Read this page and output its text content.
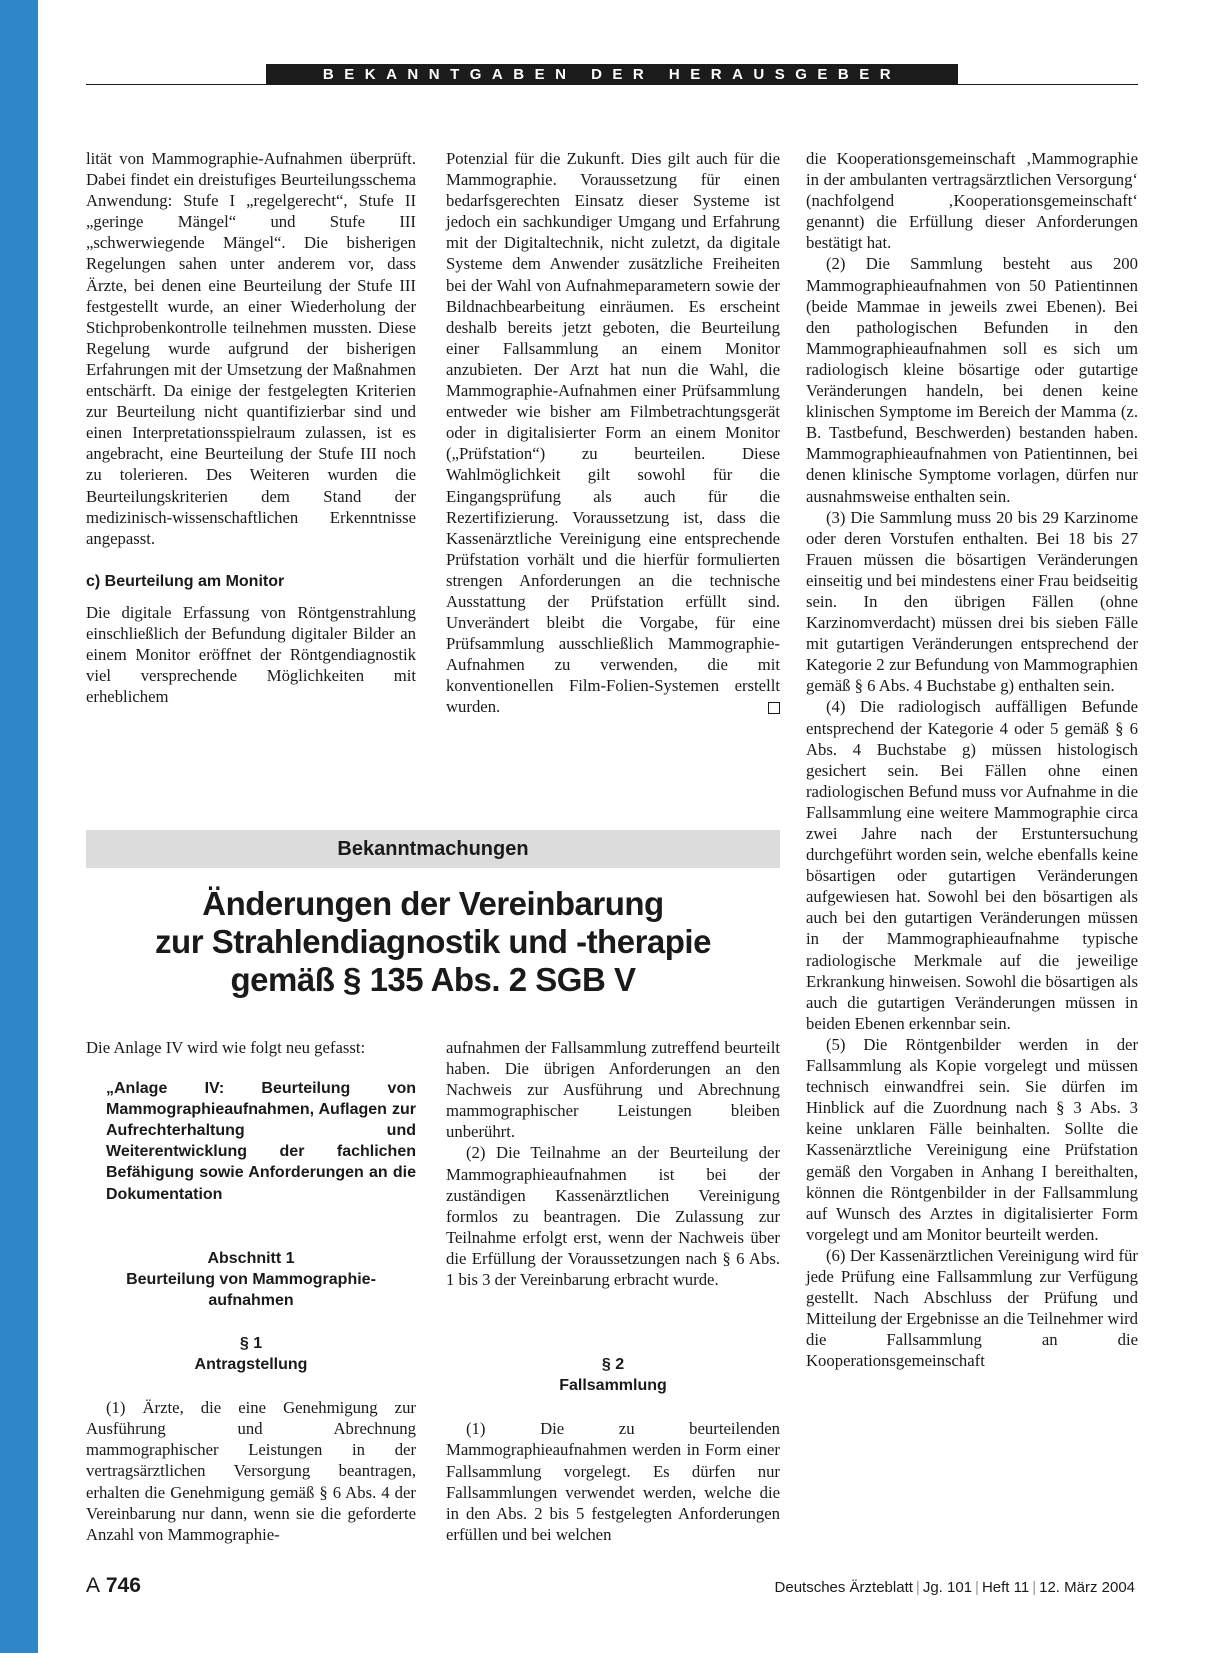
BEKANNTGABEN DER HERAUSGEBER

lität von Mammographie-Aufnahmen überprüft. Dabei findet ein dreistufiges Beurteilungsschema Anwendung: Stufe I „regelgerecht“, Stufe II „geringe Mängel“ und Stufe III „schwerwiegende Mängel“. Die bisherigen Regelungen sahen unter anderem vor, dass Ärzte, bei denen eine Beurteilung der Stufe III festgestellt wurde, an einer Wiederholung der Stichprobenkontrolle teilnehmen mussten. Diese Regelung wurde aufgrund der bisherigen Erfahrungen mit der Umsetzung der Maßnahmen entschärft. Da einige der festgelegten Kriterien zur Beurteilung nicht quantifizierbar sind und einen Interpretationsspielraum zulassen, ist es angebracht, eine Beurteilung der Stufe III noch zu tolerieren. Des Weiteren wurden die Beurteilungskriterien dem Stand der medizinisch-wissenschaftlichen Erkenntnisse angepasst.

c) Beurteilung am Monitor

Die digitale Erfassung von Röntgenstrahlung einschließlich der Befundung digitaler Bilder an einem Monitor eröffnet der Röntgendiagnostik viel versprechende Möglichkeiten mit erheblichem

Potenzial für die Zukunft. Dies gilt auch für die Mammographie. Voraussetzung für einen bedarfsgerechten Einsatz dieser Systeme ist jedoch ein sachkundiger Umgang und Erfahrung mit der Digitaltechnik, nicht zuletzt, da digitale Systeme dem Anwender zusätzliche Freiheiten bei der Wahl von Aufnahmeparametern sowie der Bildnachbearbeitung einräumen. Es erscheint deshalb bereits jetzt geboten, die Beurteilung einer Fallsammlung an einem Monitor anzubieten. Der Arzt hat nun die Wahl, die Mammographie-Aufnahmen einer Prüfsammlung entweder wie bisher am Filmbetrachtungsgerät oder in digitalisierter Form an einem Monitor („Prüfstation“) zu beurteilen. Diese Wahlmöglichkeit gilt sowohl für die Eingangsprüfung als auch für die Rezertifizierung. Voraussetzung ist, dass die Kassenärztliche Vereinigung eine entsprechende Prüfstation vorhält und die hierfür formulierten strengen Anforderungen an die technische Ausstattung der Prüfstation erfüllt sind. Unverändert bleibt die Vorgabe, für eine Prüfsammlung ausschließlich Mammographie-Aufnahmen zu verwenden, die mit konventionellen Film-Folien-Systemen erstellt wurden.

Bekanntmachungen
Änderungen der Vereinbarung
zur Strahlendiagnostik und -therapie
gemäß § 135 Abs. 2 SGB V

Die Anlage IV wird wie folgt neu gefasst:

„Anlage IV: Beurteilung von Mammographieaufnahmen, Auflagen zur Aufrechterhaltung und Weiterentwicklung der fachlichen Befähigung sowie Anforderungen an die Dokumentation

Abschnitt 1

Beurteilung von Mammographie-

aufnahmen

§ 1

Antragstellung

(1) Ärzte, die eine Genehmigung zur Ausführung und Abrechnung mammographischer Leistungen in der vertragsärztlichen Versorgung beantragen, erhalten die Genehmigung gemäß § 6 Abs. 4 der Vereinbarung nur dann, wenn sie die geforderte Anzahl von Mammographie-

aufnahmen der Fallsammlung zutreffend beurteilt haben. Die übrigen Anforderungen an den Nachweis zur Ausführung und Abrechnung mammographischer Leistungen bleiben unberührt.

(2) Die Teilnahme an der Beurteilung der Mammographieaufnahmen ist bei der zuständigen Kassenärztlichen Vereinigung formlos zu beantragen. Die Zulassung zur Teilnahme erfolgt erst, wenn der Nachweis über die Erfüllung der Voraussetzungen nach § 6 Abs. 1 bis 3 der Vereinbarung erbracht wurde.

§ 2

Fallsammlung

(1) Die zu beurteilenden Mammographieaufnahmen werden in Form einer Fallsammlung vorgelegt. Es dürfen nur Fallsammlungen verwendet werden, welche die in den Abs. 2 bis 5 festgelegten Anforderungen erfüllen und bei welchen

die Kooperationsgemeinschaft ‚Mammographie in der ambulanten vertragsärztlichen Versorgung‘ (nachfolgend ‚Kooperationsgemeinschaft‘ genannt) die Erfüllung dieser Anforderungen bestätigt hat.

(2) Die Sammlung besteht aus 200 Mammographieaufnahmen von 50 Patientinnen (beide Mammae in jeweils zwei Ebenen). Bei den pathologischen Befunden in den Mammographieaufnahmen soll es sich um radiologisch kleine bösartige oder gutartige Veränderungen handeln, bei denen keine klinischen Symptome im Bereich der Mamma (z. B. Tastbefund, Beschwerden) bestanden haben. Mammographieaufnahmen von Patientinnen, bei denen klinische Symptome vorlagen, dürfen nur ausnahmsweise enthalten sein.

(3) Die Sammlung muss 20 bis 29 Karzinome oder deren Vorstufen enthalten. Bei 18 bis 27 Frauen müssen die bösartigen Veränderungen einseitig und bei mindestens einer Frau beidseitig sein. In den übrigen Fällen (ohne Karzinomverdacht) müssen drei bis sieben Fälle mit gutartigen Veränderungen entsprechend der Kategorie 2 zur Befundung von Mammographien gemäß § 6 Abs. 4 Buchstabe g) enthalten sein.

(4) Die radiologisch auffälligen Befunde entsprechend der Kategorie 4 oder 5 gemäß § 6 Abs. 4 Buchstabe g) müssen histologisch gesichert sein. Bei Fällen ohne einen radiologischen Befund muss vor Aufnahme in die Fallsammlung eine weitere Mammographie circa zwei Jahre nach der Erstuntersuchung durchgeführt worden sein, welche ebenfalls keine bösartigen oder gutartigen Veränderungen aufgewiesen hat. Sowohl bei den bösartigen als auch bei den gutartigen Veränderungen müssen in der Mammographieaufnahme typische radiologische Merkmale auf die jeweilige Erkrankung hinweisen. Sowohl die bösartigen als auch die gutartigen Veränderungen müssen in beiden Ebenen erkennbar sein.

(5) Die Röntgenbilder werden in der Fallsammlung als Kopie vorgelegt und müssen technisch einwandfrei sein. Sie dürfen im Hinblick auf die Zuordnung nach § 3 Abs. 3 keine unklaren Fälle beinhalten. Sollte die Kassenärztliche Vereinigung eine Prüfstation gemäß den Vorgaben in Anhang I bereithalten, können die Röntgenbilder in der Fallsammlung auf Wunsch des Arztes in digitalisierter Form vorgelegt und am Monitor beurteilt werden.

(6) Der Kassenärztlichen Vereinigung wird für jede Prüfung eine Fallsammlung zur Verfügung gestellt. Nach Abschluss der Prüfung und Mitteilung der Ergebnisse an die Teilnehmer wird die Fallsammlung an die Kooperationsgemeinschaft

A 746	Deutsches Ärzteblatt | Jg. 101 | Heft 11 | 12. März 2004
